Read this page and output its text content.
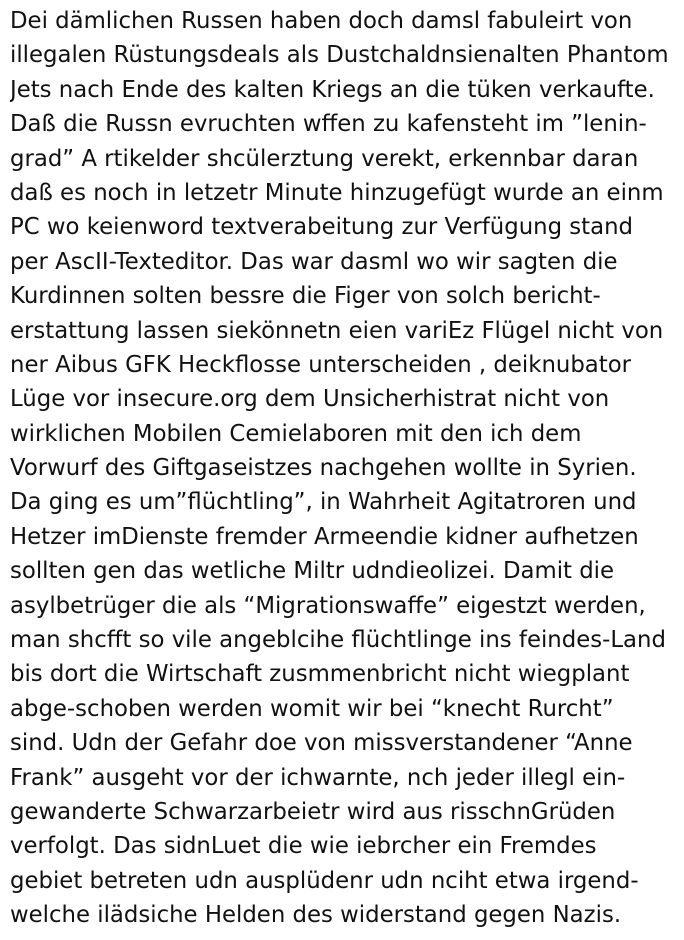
Dei dämlichen Russen haben doch damsl fabuleirt von
illegalen Rüstungsdeals als Dustchaldnsienalten Phantom
Jets nach Ende des kalten Kriegs an die tüken verkaufte.
Daß die Russn evruchten wffen zu kafensteht im ”lenin-
grad” A rtikelder shcülerztung verekt, erkennbar daran
daß es noch in letzetr Minute hinzugefügt wurde an einm
PC wo keienword textverabeitung zur Verfügung stand
per AscII-Texteditor. Das war dasml wo wir sagten die
Kurdinnen solten bessre die Figer von solch bericht-
erstattung lassen siekönnetn eien variEz Flügel nicht von
ner Aibus GFK Heckflosse unterscheiden , deiknubator
Lüge vor insecure.org dem Unsicherhistrat nicht von
wirklichen Mobilen Cemielaboren mit den ich dem
Vorwurf des Giftgaseistzes nachgehen wollte in Syrien.
Da ging es um”flüchtling”, in Wahrheit Agitatroren und
Hetzer imDienste fremder Armeendie kidner aufhetzen
sollten gen das wetliche Miltr udndieolizei. Damit die
asylbetrüger die als “Migrationswaffe” eigestzt werden,
man shcfft so vile angeblcihe flüchtlinge ins feindes-Land
bis dort die Wirtschaft zusmmenbricht nicht wiegplant
abge-schoben werden womit wir bei “knecht Rurcht”
sind. Udn der Gefahr doe von missverstandener “Anne
Frank” ausgeht vor der ichwarnte, nch jeder illegl ein-
gewanderte Schwarzarbeietr wird aus risschnGrüden
verfolgt. Das sidnLuet die wie iebrcher ein Fremdes
gebiet betreten udn ausplüdenr udn nciht etwa irgend-
welche ilädsiche Helden des widerstand gegen Nazis.
